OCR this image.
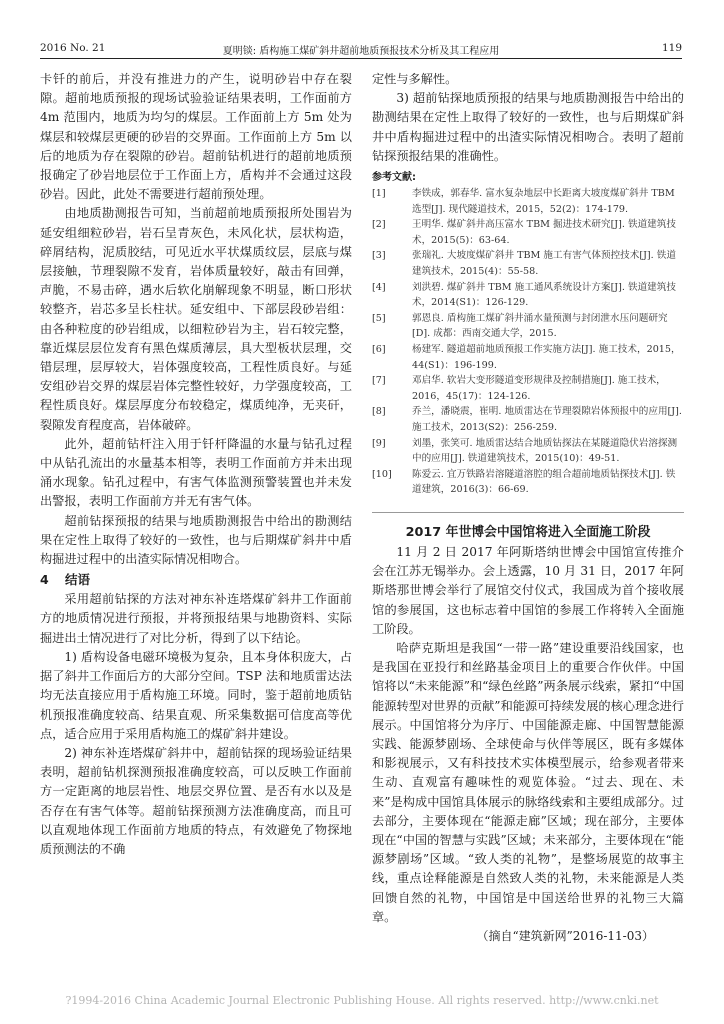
2016 No. 21	夏明锬: 盾构施工煤矿斜井超前地质预报技术分析及其工程应用	119

卡钎的前后，并没有推进力的产生，说明砂岩中存在裂隙。超前地质预报的现场试验验证结果表明，工作面前方 4m 范围内，地质为均匀的煤层。工作面前上方 5m 处为煤层和较煤层更硬的砂岩的交界面。工作面前上方 5m 以后的地质为存在裂隙的砂岩。超前钻机进行的超前地质预报确定了砂岩地层位于工作面上方，盾构并不会通过这段砂岩。因此，此处不需要进行超前预处理。

由地质勘测报告可知，当前超前地质预报所处围岩为延安组细粒砂岩，岩石呈青灰色，未风化状，层状构造，碎屑结构，泥质胶结，可见近水平状煤质纹层，层底与煤层接触，节理裂隙不发育，岩体质量较好，敲击有回弹，声脆，不易击碎，遇水后软化崩解现象不明显，断口形状较整齐，岩芯多呈长柱状。延安组中、下部层段砂岩组：由各种粒度的砂岩组成，以细粒砂岩为主，岩石较完整，靠近煤层层位发育有黑色煤质薄层，具大型板状层理，交错层理，层厚较大，岩体强度较高，工程性质良好。与延安组砂岩交界的煤层岩体完整性较好，力学强度较高，工程性质良好。煤层厚度分布较稳定，煤质纯净，无夹矸，裂隙发育程度高，岩体破碎。

此外，超前钻杆注入用于钎杆降温的水量与钻孔过程中从钻孔流出的水量基本相等，表明工作面前方并未出现涌水现象。钻孔过程中，有害气体监测预警装置也并未发出警报，表明工作面前方并无有害气体。

超前钻探预报的结果与地质勘测报告中给出的勘测结果在定性上取得了较好的一致性，也与后期煤矿斜井中盾构掘进过程中的出渣实际情况相吻合。

4 结语

采用超前钻探的方法对神东补连塔煤矿斜井工作面前方的地质情况进行预报，并将预报结果与地勘资料、实际掘进出土情况进行了对比分析，得到了以下结论。

1) 盾构设备电磁环境极为复杂，且本身体积庞大，占据了斜井工作面后方的大部分空间。TSP 法和地质雷达法均无法直接应用于盾构施工环境。同时，鉴于超前地质钻机预报准确度较高、结果直观、所采集数据可信度高等优点，适合应用于采用盾构施工的煤矿斜井建设。

2) 神东补连塔煤矿斜井中，超前钻探的现场验证结果表明，超前钻机探测预报准确度较高，可以反映工作面前方一定距离的地层岩性、地层交界位置、是否有水以及是否存在有害气体等。超前钻探预测方法准确度高，而且可以直观地体现工作面前方地质的特点，有效避免了物探地质预测法的不确

定性与多解性。

3) 超前钻探地质预报的结果与地质勘测报告中给出的勘测结果在定性上取得了较好的一致性，也与后期煤矿斜井中盾构掘进过程中的出渣实际情况相吻合。表明了超前钻探预报结果的准确性。

参考文献:
[1]	李铁成，郭春华. 富水复杂地层中长距离大坡度煤矿斜井 TBM 选型[J]. 现代隧道技术，2015，52(2)：174-179.
[2]	王明华. 煤矿斜井高压富水 TBM 掘进技术研究[J]. 铁道建筑技术，2015(5)：63-64.
[3]	张瑞礼. 大坡度煤矿斜井 TBM 施工有害气体预控技术[J]. 铁道建筑技术，2015(4)：55-58.
[4]	刘洪碧. 煤矿斜井 TBM 施工通风系统设计方案[J]. 铁道建筑技术，2014(S1)：126-129.
[5]	郭恩良. 盾构施工煤矿斜井涌水量预测与封闭泄水压问题研究[D]. 成都：西南交通大学，2015.
[6]	杨建军. 隧道超前地质预报工作实施方法[J]. 施工技术，2015，44(S1)：196-199.
[7]	邓启华. 软岩大变形隧道变形规律及控制措施[J]. 施工技术，2016，45(17)：124-126.
[8]	乔兰，潘晓震，崔明. 地质雷达在节理裂隙岩体预报中的应用[J]. 施工技术，2013(S2)：256-259.
[9]	刘墨，张笑可. 地质雷达结合地质钻探法在某隧道隐伏岩溶探测中的应用[J]. 铁道建筑技术，2015(10)：49-51.
[10]	陈爱云. 宜万铁路岩溶隧道溶腔的组合超前地质钻探技术[J]. 铁道建筑，2016(3)：66-69.
2017 年世博会中国馆将进入全面施工阶段

11 月 2 日 2017 年阿斯塔纳世博会中国馆宣传推介会在江苏无锡举办。会上透露，10 月 31 日，2017 年阿斯塔那世博会举行了展馆交付仪式，我国成为首个接收展馆的参展国，这也标志着中国馆的参展工作将转入全面施工阶段。

哈萨克斯坦是我国“一带一路”建设重要沿线国家，也是我国在亚投行和丝路基金项目上的重要合作伙伴。中国馆将以“未来能源”和“绿色丝路”两条展示线索，紧扣“中国能源转型对世界的贡献”和能源可持续发展的核心理念进行展示。中国馆将分为序厅、中国能源走廊、中国智慧能源实践、能源梦剧场、全球使命与伙伴等展区，既有多媒体和影视展示，又有科技技术实体模型展示，给参观者带来生动、直观富有趣味性的观览体验。“过去、现在、未来”是构成中国馆具体展示的脉络线索和主要组成部分。过去部分，主要体现在“能源走廊”区域；现在部分，主要体现在“中国的智慧与实践”区域；未来部分，主要体现在“能源梦剧场”区域。“致人类的礼物”，是整场展览的故事主线，重点诠释能源是自然致人类的礼物，未来能源是人类回馈自然的礼物，中国馆是中国送给世界的礼物三大篇章。

（摘自“建筑新网”2016-11-03）
?1994-2016 China Academic Journal Electronic Publishing House. All rights reserved. http://www.cnki.net
